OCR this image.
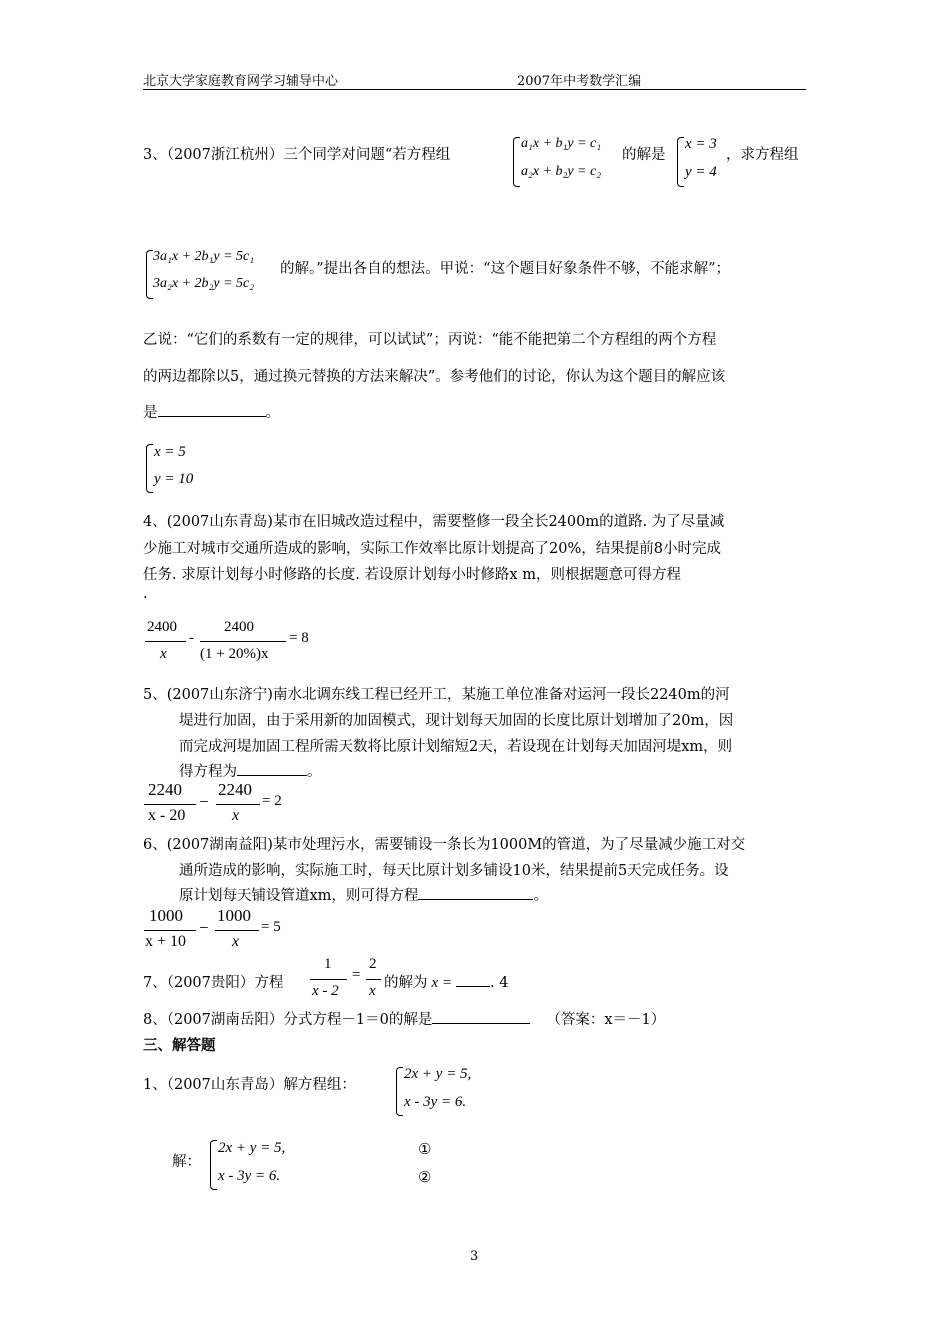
北京大学家庭教育网学习辅导中心	2007年中考数学汇编
3、（2007浙江杭州）三个同学对问题“若方程组
a₁x + b₁y = c₁
a₂x + b₂y = c₂
的解是
x = 3
y = 4
，求方程组
3a₁x + 2b₁y = 5c₁
3a₂x + 2b₂y = 5c₂
的解。”提出各自的想法。甲说：“这个题目好象条件不够，不能求解”；
乙说：“它们的系数有一定的规律，可以试试”；丙说：“能不能把第二个方程组的两个方程
的两边都除以5，通过换元替换的方法来解决”。参考他们的讨论，你认为这个题目的解应该
是	。
x = 5
y = 10
4、(2007山东青岛)某市在旧城改造过程中，需要整修一段全长2400m的道路. 为了尽量减
少施工对城市交通所造成的影响，实际工作效率比原计划提高了20%，结果提前8小时完成
任务. 求原计划每小时修路的长度. 若设原计划每小时修路x m，则根据题意可得方程
.
2400
x
-
2400
(1 + 20%)x
= 8
5、(2007山东济宁)南水北调东线工程已经开工，某施工单位准备对运河一段长2240m的河
堤进行加固，由于采用新的加固模式，现计划每天加固的长度比原计划增加了20m，因
而完成河堤加固工程所需天数将比原计划缩短2天，若设现在计划每天加固河堤xm，则
得方程为	。
2240
x - 20
−
2240
x
= 2
6、(2007湖南益阳)某市处理污水，需要铺设一条长为1000M的管道，为了尽量减少施工对交
通所造成的影响，实际施工时，每天比原计划多铺设10米，结果提前5天完成任务。设
原计划每天铺设管道xm，则可得方程	。
1000
x + 10
−
1000
x
= 5
7、（2007贵阳）方程
1
x - 2
=
2
x 的解为 x =	. 4
8、（2007湖南岳阳）分式方程－1＝0的解是	（答案：x＝－1）
三、解答题
1、（2007山东青岛）解方程组：
2x + y = 5,
x - 3y = 6.
解：
2x + y = 5,
x - 3y = 6.
①
②
3
